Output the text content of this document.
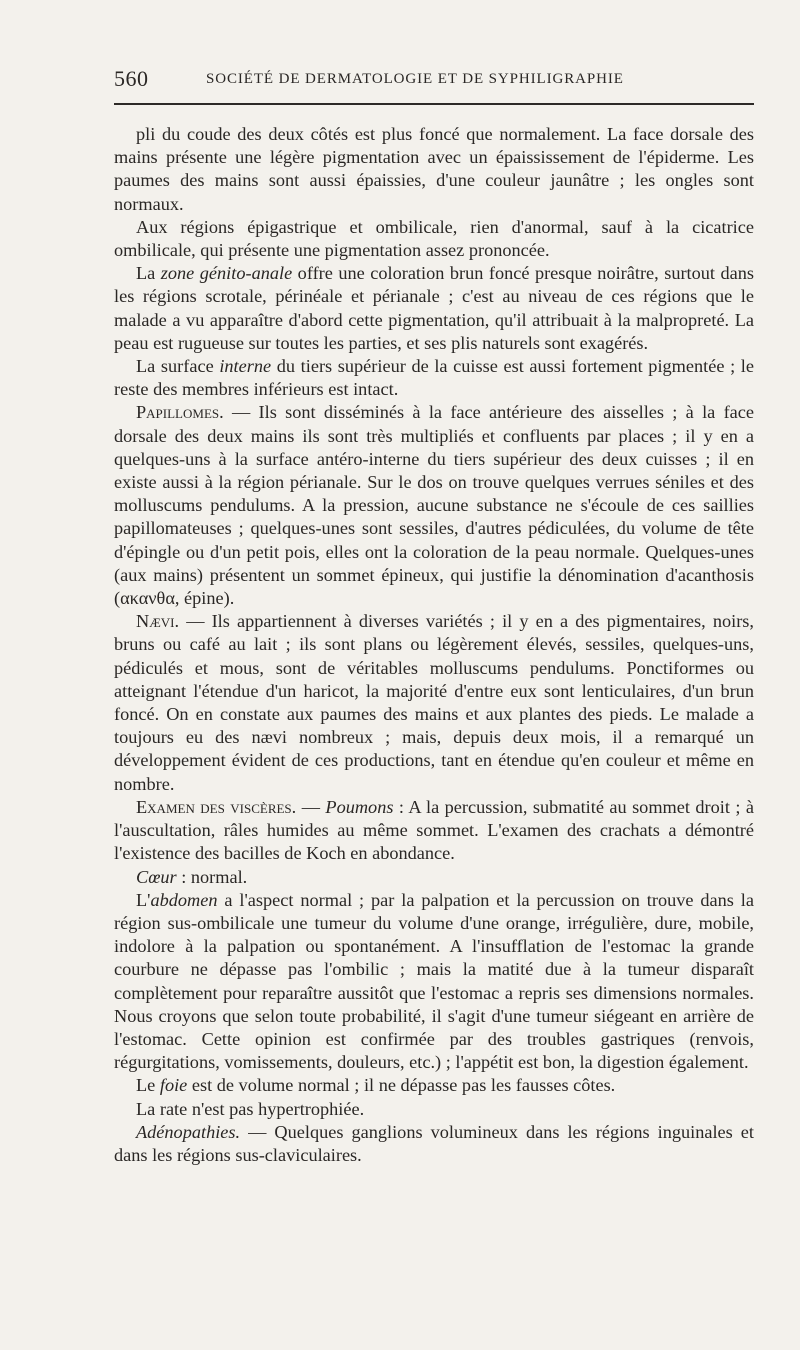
560	SOCIÉTÉ DE DERMATOLOGIE ET DE SYPHILIGRAPHIE

pli du coude des deux côtés est plus foncé que normalement. La face dorsale des mains présente une légère pigmentation avec un épaississement de l'épiderme. Les paumes des mains sont aussi épaissies, d'une couleur jaunâtre ; les ongles sont normaux.

Aux régions épigastrique et ombilicale, rien d'anormal, sauf à la cicatrice ombilicale, qui présente une pigmentation assez prononcée.

La zone génito-anale offre une coloration brun foncé presque noirâtre, surtout dans les régions scrotale, périnéale et périanale ; c'est au niveau de ces régions que le malade a vu apparaître d'abord cette pigmentation, qu'il attribuait à la malpropreté. La peau est rugueuse sur toutes les parties, et ses plis naturels sont exagérés.

La surface interne du tiers supérieur de la cuisse est aussi fortement pigmentée ; le reste des membres inférieurs est intact.

Papillomes. — Ils sont disséminés à la face antérieure des aisselles ; à la face dorsale des deux mains ils sont très multipliés et confluents par places ; il y en a quelques-uns à la surface antéro-interne du tiers supérieur des deux cuisses ; il en existe aussi à la région périanale. Sur le dos on trouve quelques verrues séniles et des molluscums pendulums. A la pression, aucune substance ne s'écoule de ces saillies papillomateuses ; quelques-unes sont sessiles, d'autres pédiculées, du volume de tête d'épingle ou d'un petit pois, elles ont la coloration de la peau normale. Quelques-unes (aux mains) présentent un sommet épineux, qui justifie la dénomination d'acanthosis (ακανθα, épine).

Nævi. — Ils appartiennent à diverses variétés ; il y en a des pigmentaires, noirs, bruns ou café au lait ; ils sont plans ou légèrement élevés, sessiles, quelques-uns, pédiculés et mous, sont de véritables molluscums pendulums. Ponctiformes ou atteignant l'étendue d'un haricot, la majorité d'entre eux sont lenticulaires, d'un brun foncé. On en constate aux paumes des mains et aux plantes des pieds. Le malade a toujours eu des nævi nombreux ; mais, depuis deux mois, il a remarqué un développement évident de ces productions, tant en étendue qu'en couleur et même en nombre.

Examen des viscères. — Poumons : A la percussion, submatité au sommet droit ; à l'auscultation, râles humides au même sommet. L'examen des crachats a démontré l'existence des bacilles de Koch en abondance.

Cœur : normal.

L'abdomen a l'aspect normal ; par la palpation et la percussion on trouve dans la région sus-ombilicale une tumeur du volume d'une orange, irrégulière, dure, mobile, indolore à la palpation ou spontanément. A l'insufflation de l'estomac la grande courbure ne dépasse pas l'ombilic ; mais la matité due à la tumeur disparaît complètement pour reparaître aussitôt que l'estomac a repris ses dimensions normales. Nous croyons que selon toute probabilité, il s'agit d'une tumeur siégeant en arrière de l'estomac. Cette opinion est confirmée par des troubles gastriques (renvois, régurgitations, vomissements, douleurs, etc.) ; l'appétit est bon, la digestion également.

Le foie est de volume normal ; il ne dépasse pas les fausses côtes.

La rate n'est pas hypertrophiée.

Adénopathies. — Quelques ganglions volumineux dans les régions inguinales et dans les régions sus-claviculaires.
